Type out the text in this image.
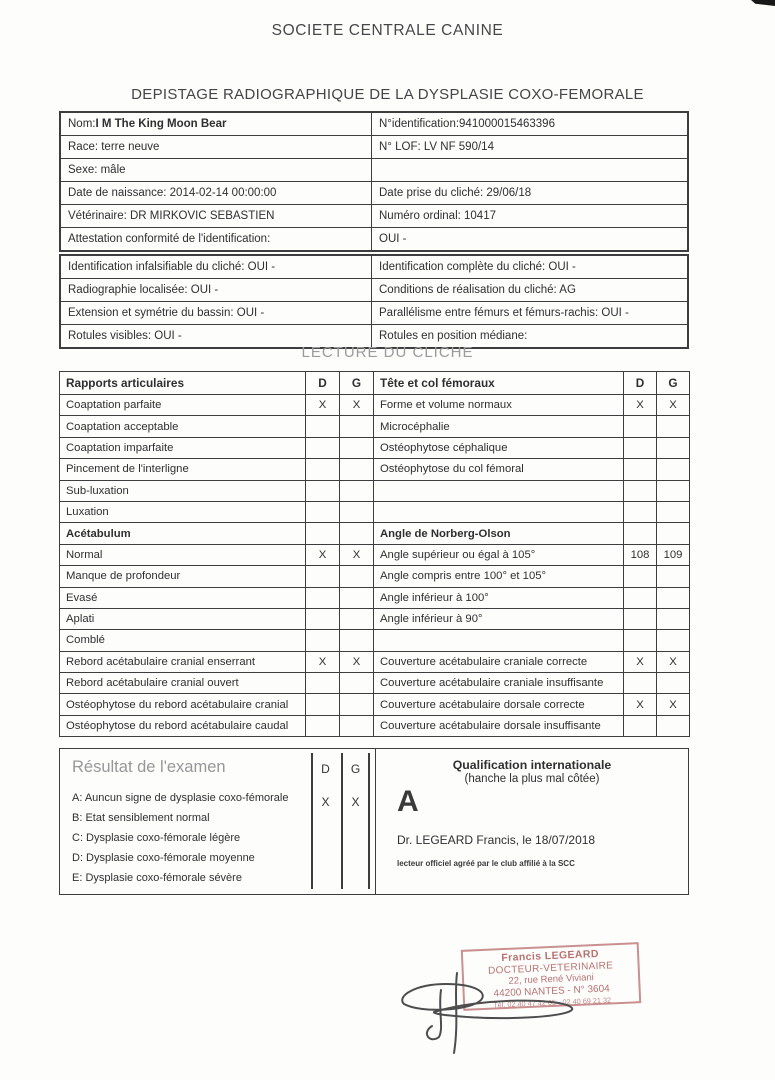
SOCIETE CENTRALE CANINE
DEPISTAGE RADIOGRAPHIQUE DE LA DYSPLASIE COXO-FEMORALE
Nom: I M The King Moon Bear	N°identification:941000015463396
Race: terre neuve	N° LOF: LV NF 590/14
Sexe: mâle
Date de naissance: 2014-02-14 00:00:00	Date prise du cliché: 29/06/18
Vétérinaire: DR MIRKOVIC SEBASTIEN	Numéro ordinal: 10417
Attestation conformité de l'identification:	OUI -
Identification infalsifiable du cliché: OUI -	Identification complète du cliché: OUI -
Radiographie localisée: OUI -	Conditions de réalisation du cliché: AG
Extension et symétrie du bassin: OUI -	Parallélisme entre fémurs et fémurs-rachis: OUI -
Rotules visibles: OUI -	Rotules en position médiane:
LECTURE DU CLICHE
Rapports articulaires	D	G	Tête et col fémoraux	D	G
Coaptation parfaite	X	X	Forme et volume normaux	X	X
Coaptation acceptable			Microcéphalie		
Coaptation imparfaite			Ostéophytose céphalique		
Pincement de l'interligne			Ostéophytose du col fémoral		
Sub-luxation					
Luxation					
Acétabulum			Angle de Norberg-Olson		
Normal	X	X	Angle supérieur ou égal à 105°	108	109
Manque de profondeur			Angle compris entre 100° et 105°		
Evasé			Angle inférieur à 100°		
Aplati			Angle inférieur à 90°		
Comblé					
Rebord acétabulaire cranial enserrant	X	X	Couverture acétabulaire craniale correcte	X	X
Rebord acétabulaire cranial ouvert			Couverture acétabulaire craniale insuffisante		
Ostéophytose du rebord acétabulaire cranial			Couverture acétabulaire dorsale correcte	X	X
Ostéophytose du rebord acétabulaire caudal			Couverture acétabulaire dorsale insuffisante		
Résultat de l'examen	D	G
X	X
A: Auncun signe de dysplasie coxo-fémorale
B: Etat sensiblement normal
C: Dysplasie coxo-fémorale légère
D: Dysplasie coxo-fémorale moyenne
E: Dysplasie coxo-fémorale sévère
Qualification internationale
(hanche la plus mal côtée)
A
Dr. LEGEARD Francis, le 18/07/2018
lecteur officiel agréé par le club affilié à la SCC
Francis LEGEARD
DOCTEUR-VETERINAIRE
22, rue René Viviani
44200 NANTES - N° 3604
Tél. 02 40 47 42 05 - 02 40 69 21 32
